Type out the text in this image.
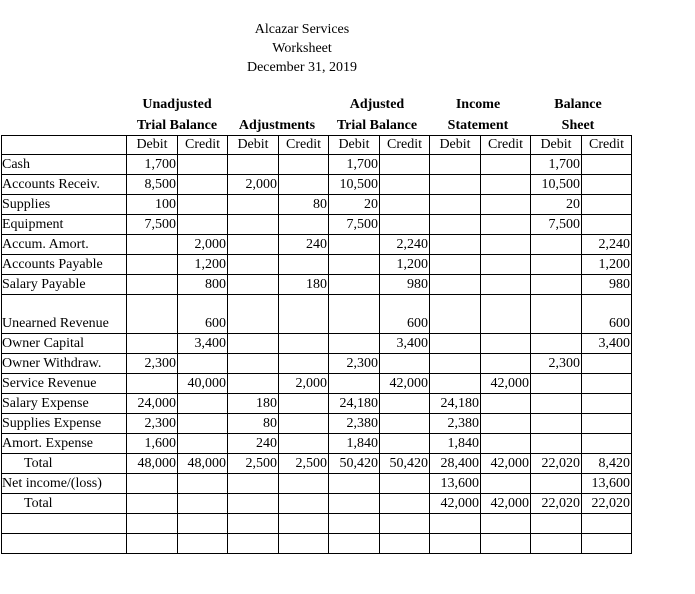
Alcazar Services
Worksheet
December 31, 2019
Unadjusted
Trial Balance	Adjustments
Adjusted
Trial Balance
Income
Statement
Balance
Sheet
	Debit	Credit	Debit	Credit	Debit	Credit	Debit	Credit	Debit	Credit
Cash	1,700				1,700				1,700	
Accounts Receiv.	8,500		2,000		10,500				10,500	
Supplies	100			80	20				20	
Equipment	7,500				7,500				7,500	
Accum. Amort.		2,000		240		2,240				2,240
Accounts Payable		1,200				1,200				1,200
Salary Payable		800		180		980				980
Unearned Revenue		600				600				600
Owner Capital		3,400				3,400				3,400
Owner Withdraw.	2,300				2,300				2,300	
Service Revenue		40,000		2,000		42,000		42,000		
Salary Expense	24,000		180		24,180		24,180			
Supplies Expense	2,300		80		2,380		2,380			
Amort. Expense	1,600		240		1,840		1,840			
Total	48,000	48,000	2,500	2,500	50,420	50,420	28,400	42,000	22,020	8,420
Net income/(loss)							13,600			13,600
Total							42,000	42,000	22,020	22,020
